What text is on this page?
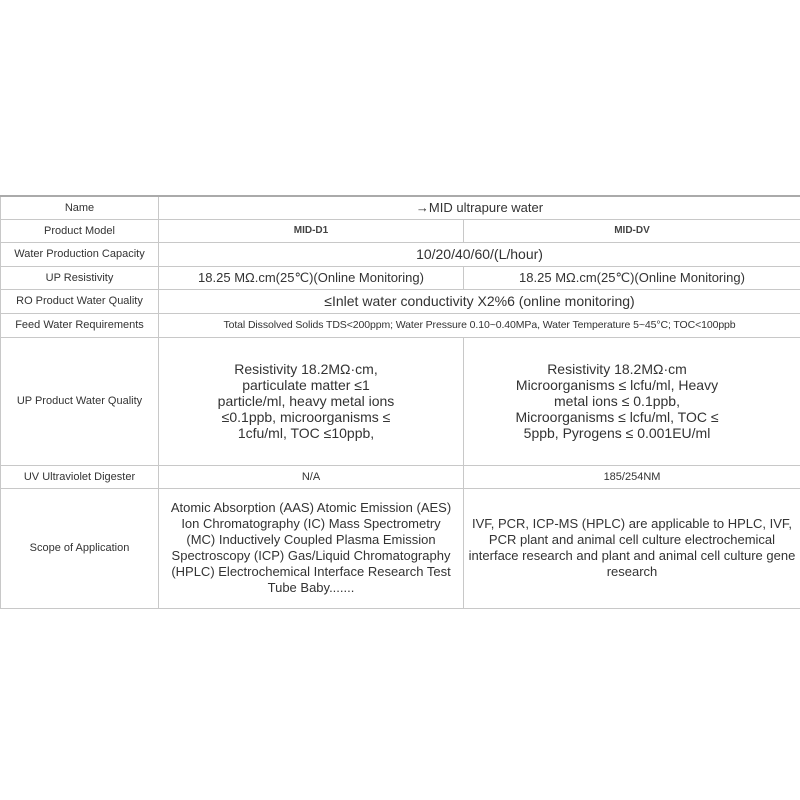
Name	→MID ultrapure water	
Product Model	MID-D1	MID-DV
Water Production Capacity	10/20/40/60/(L/hour)	
UP Resistivity	18.25 MΩ.cm(25℃)(Online Monitoring)	18.25 MΩ.cm(25℃)(Online Monitoring)
RO Product Water Quality	≤Inlet water conductivity X2%6 (online monitoring)	
Feed Water Requirements	Total Dissolved Solids TDS<200ppm; Water Pressure 0.10~0.40MPa, Water Temperature 5~45°C; TOC<100ppb	
UP Product Water Quality	Resistivity 18.2MΩ·cm, particulate matter ≤1 particle/ml, heavy metal ions ≤0.1ppb, microorganisms ≤ 1cfu/ml, TOC ≤10ppb,	Resistivity 18.2MΩ·cm Microorganisms ≤ lcfu/ml, Heavy metal ions ≤ 0.1ppb, Microorganisms ≤ lcfu/ml, TOC ≤ 5ppb, Pyrogens ≤ 0.001EU/ml
UV Ultraviolet Digester	N/A	185/254NM
Scope of Application	Atomic Absorption (AAS) Atomic Emission (AES) Ion Chromatography (IC) Mass Spectrometry (MC) Inductively Coupled Plasma Emission Spectroscopy (ICP) Gas/Liquid Chromatography (HPLC) Electrochemical Interface Research Test Tube Baby.......	IVF, PCR, ICP-MS (HPLC) are applicable to HPLC, IVF, PCR plant and animal cell culture electrochemical interface research and plant and animal cell culture gene research
